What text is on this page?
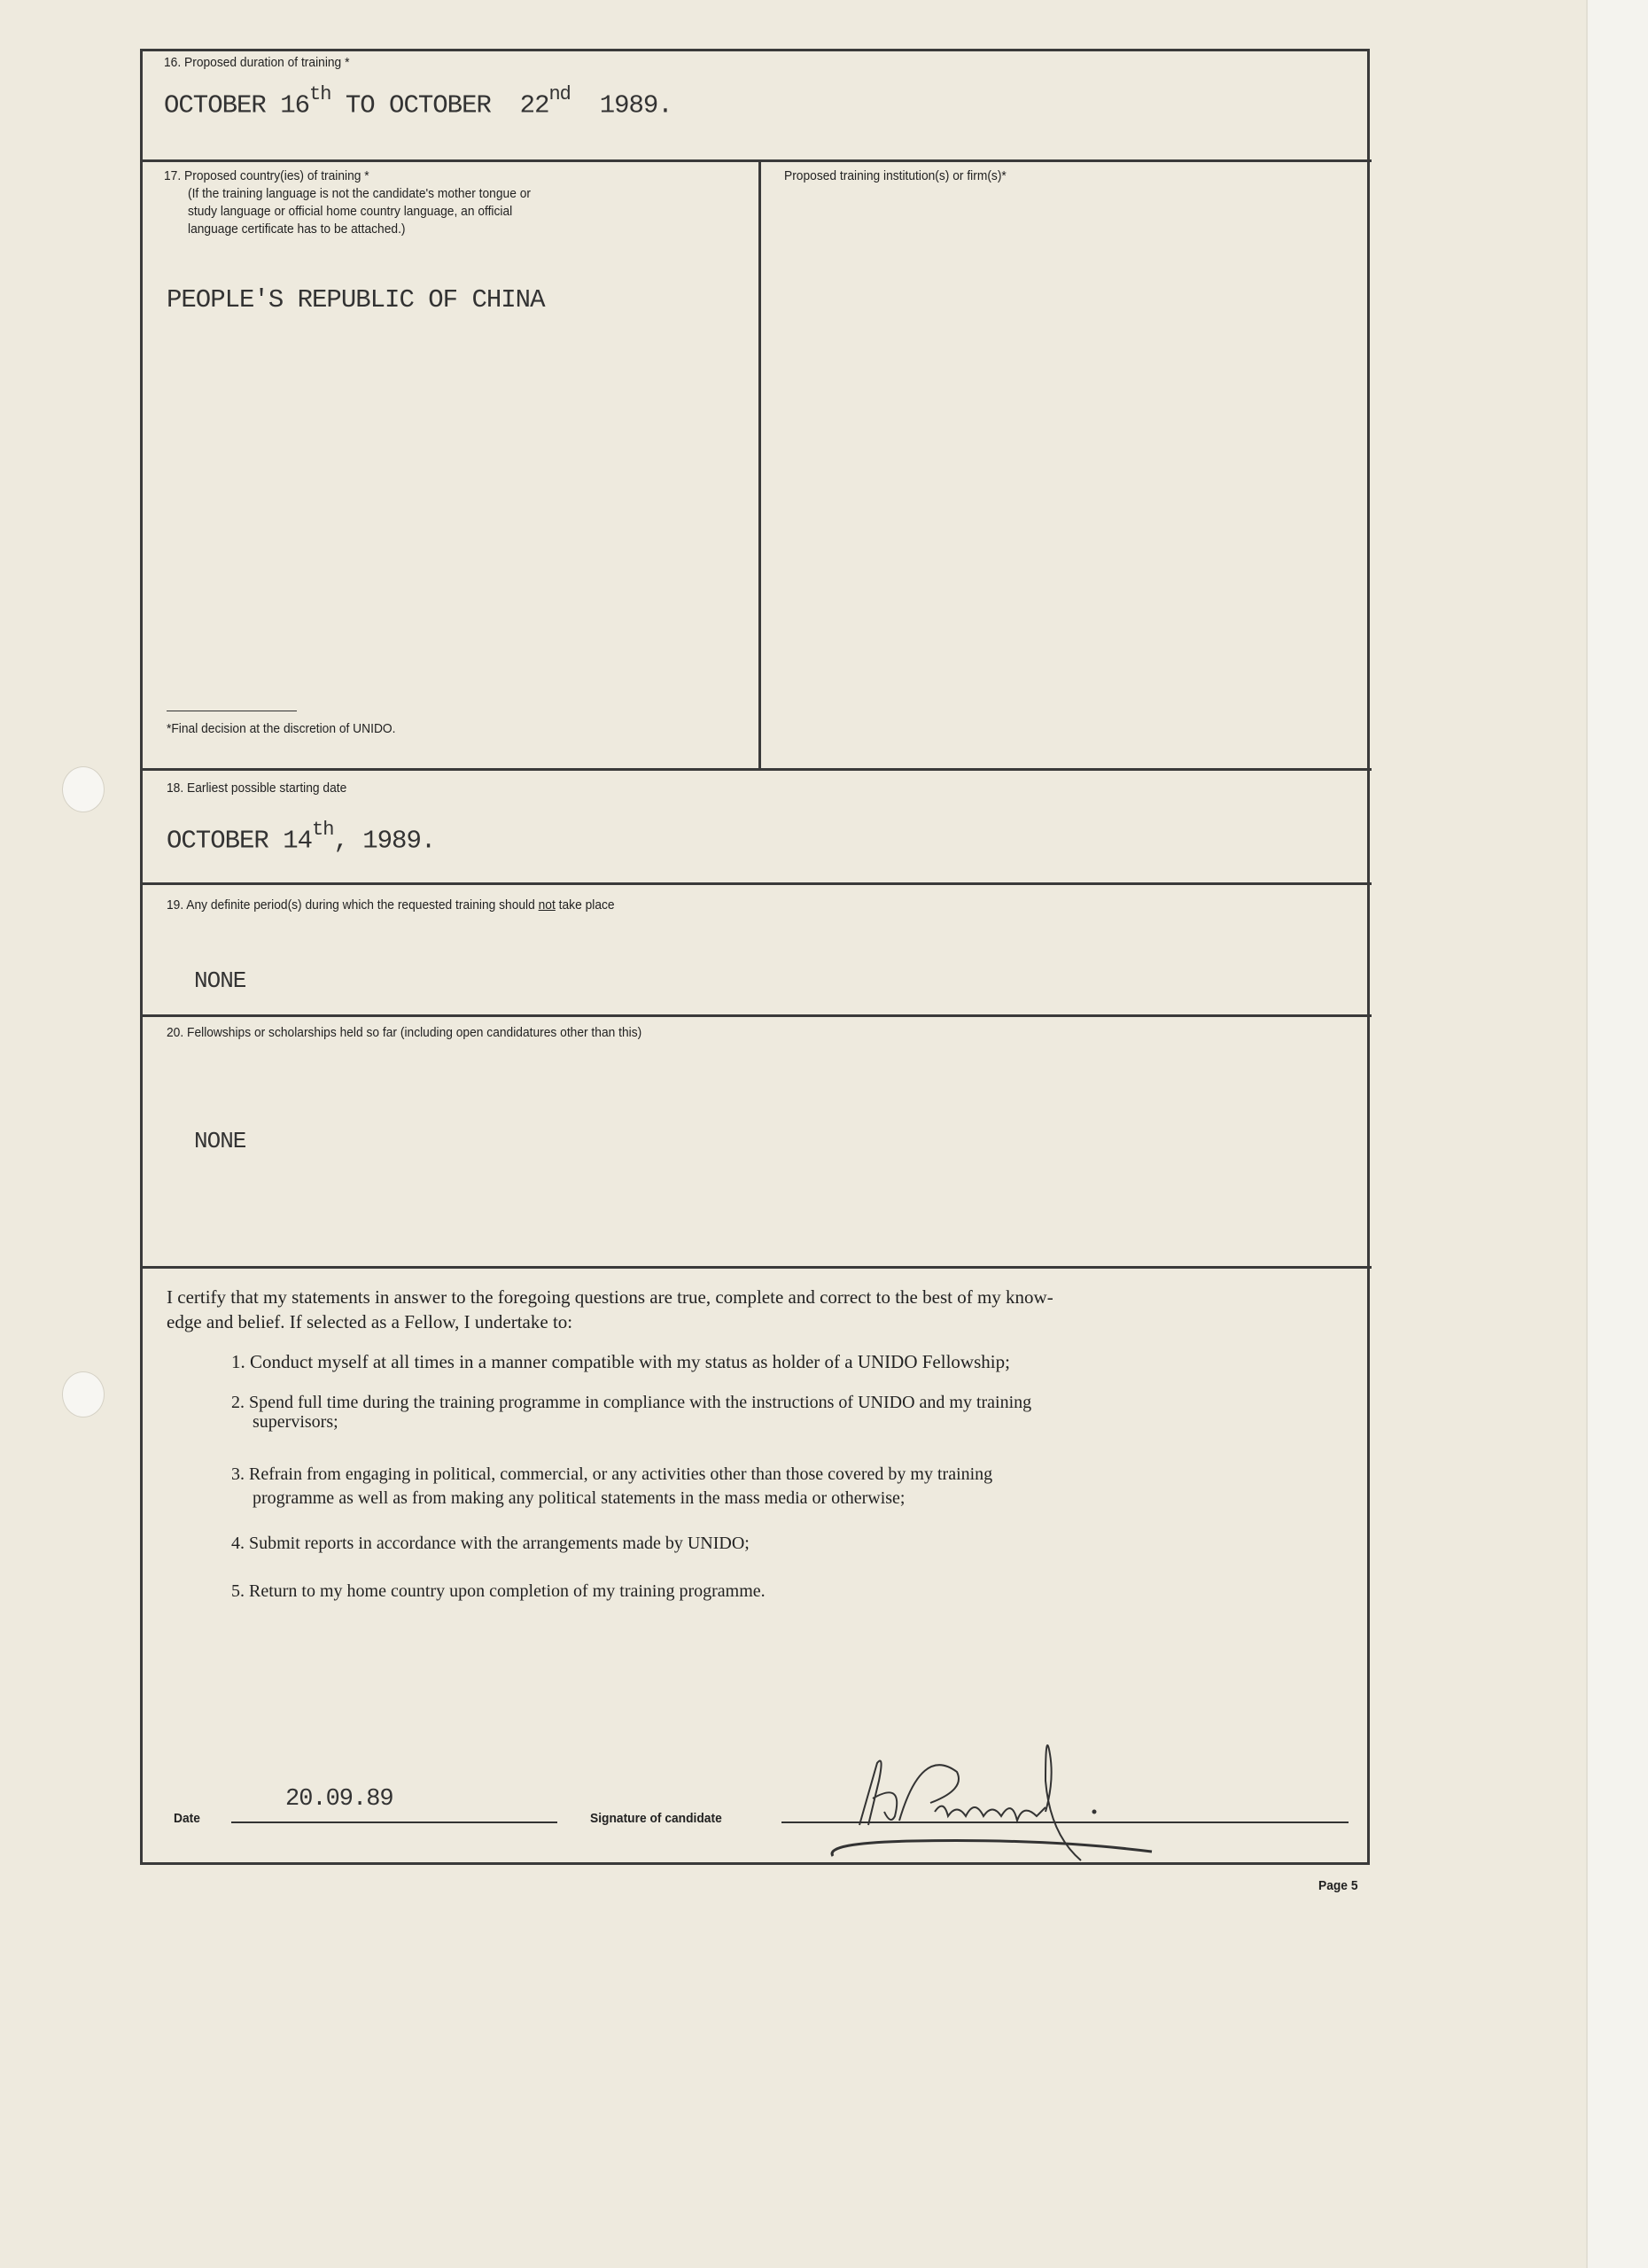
16. Proposed duration of training *
OCTOBER 16th TO OCTOBER  22nd  1989.
17. Proposed country(ies) of training *
(If the training language is not the candidate's mother tongue or
study language or official home country language, an official
language certificate has to be attached.)
PEOPLE'S REPUBLIC OF CHINA
*Final decision at the discretion of UNIDO.
Proposed training institution(s) or firm(s)*
18. Earliest possible starting date
OCTOBER 14th, 1989.
19. Any definite period(s) during which the requested training should not take place
NONE
20. Fellowships or scholarships held so far (including open candidatures other than this)
NONE
I certify that my statements in answer to the foregoing questions are true, complete and correct to the best of my know-
edge and belief. If selected as a Fellow, I undertake to:
1. Conduct myself at all times in a manner compatible with my status as holder of a UNIDO Fellowship;
2. Spend full time during the training programme in compliance with the instructions of UNIDO and my training
supervisors;
3. Refrain from engaging in political, commercial, or any activities other than those covered by my training
programme as well as from making any political statements in the mass media or otherwise;
4. Submit reports in accordance with the arrangements made by UNIDO;
5. Return to my home country upon completion of my training programme.
Date
20.09.89
Signature of candidate
Page 5
